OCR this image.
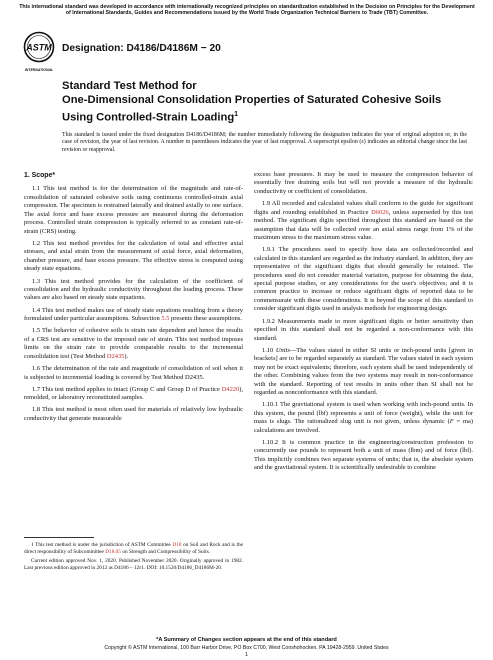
This international standard was developed in accordance with internationally recognized principles on standardization established in the Decision on Principles for the Development of International Standards, Guides and Recommendations issued by the World Trade Organization Technical Barriers to Trade (TBT) Committee.
ASTM
INTERNATIONAL
Designation: D4186/D4186M − 20
Standard Test Method for
One-Dimensional Consolidation Properties of Saturated Cohesive Soils Using Controlled-Strain Loading$^1$
This standard is issued under the fixed designation D4186/D4186M; the number immediately following the designation indicates the year of original adoption or, in the case of revision, the year of last revision. A number in parentheses indicates the year of last reapproval. A superscript epsilon (ε) indicates an editorial change since the last revision or reapproval.
1. Scope*

1.1 This test method is for the determination of the magnitude and rate-of-consolidation of saturated cohesive soils using continuous controlled-strain axial compression. The specimen is restrained laterally and drained axially to one surface. The axial force and base excess pressure are measured during the deformation process. Controlled strain compression is typically referred to as constant rate-of-strain (CRS) testing.

1.2 This test method provides for the calculation of total and effective axial stresses, and axial strain from the measurement of axial force, axial deformation, chamber pressure, and base excess pressure. The effective stress is computed using steady state equations.

1.3 This test method provides for the calculation of the coefficient of consolidation and the hydraulic conductivity throughout the loading process. These values are also based on steady state equations.

1.4 This test method makes use of steady state equations resulting from a theory formulated under particular assumptions. Subsection 5.5 presents these assumptions.

1.5 The behavior of cohesive soils is strain rate dependent and hence the results of a CRS test are sensitive to the imposed rate of strain. This test method imposes limits on the strain rate to provide comparable results to the incremental consolidation test (Test Method D2435).

1.6 The determination of the rate and magnitude of consolidation of soil when it is subjected to incremental loading is covered by Test Method D2435.

1.7 This test method applies to intact (Group C and Group D of Practice D4220), remolded, or laboratory reconstituted samples.

1.8 This test method is most often used for materials of relatively low hydraulic conductivity that generate measurable

1 This test method is under the jurisdiction of ASTM Committee D18 on Soil and Rock and is the direct responsibility of Subcommittee D18.05 on Strength and Compressibility of Soils.

Current edition approved Nov. 1, 2020. Published November 2020. Originally approved in 1982. Last previous edition approved in 2012 as D4186 – 12ε1. DOI: 10.1520/D4186_D4186M-20.

excess base pressures. It may be used to measure the compression behavior of essentially free draining soils but will not provide a measure of the hydraulic conductivity or coefficient of consolidation.

1.9 All recorded and calculated values shall conform to the guide for significant digits and rounding established in Practice D6026, unless superseded by this test method. The significant digits specified throughout this standard are based on the assumption that data will be collected over an axial stress range from 1% of the maximum stress to the maximum stress value.

1.9.1 The procedures used to specify how data are collected/recorded and calculated in this standard are regarded as the industry standard. In addition, they are representative of the significant digits that should generally be retained. The procedures used do not consider material variation, purpose for obtaining the data, special purpose studies, or any considerations for the user's objectives; and it is common practice to increase or reduce significant digits of reported data to be commensurate with these considerations. It is beyond the scope of this standard to consider significant digits used in analysis methods for engineering design.

1.9.2 Measurements made to more significant digits or better sensitivity than specified in this standard shall not be regarded a non-conformance with this standard.

1.10 Units—The values stated in either SI units or inch-pound units [given in brackets] are to be regarded separately as standard. The values stated in each system may not be exact equivalents; therefore, each system shall be used independently of the other. Combining values from the two systems may result in non-conformance with the standard. Reporting of test results in units other than SI shall not be regarded as nonconformance with this standard.

1.10.1 The gravitational system is used when working with inch-pound units. In this system, the pound (lbf) represents a unit of force (weight), while the unit for mass is slugs. The rationalized slug unit is not given, unless dynamic (F = ma) calculations are involved.

1.10.2 It is common practice in the engineering/construction profession to concurrently use pounds to represent both a unit of mass (lbm) and of force (lbf). This implicitly combines two separate systems of units; that is, the absolute system and the gravitational system. It is scientifically undesirable to combine

*A Summary of Changes section appears at the end of this standard
Copyright © ASTM International, 100 Barr Harbor Drive, PO Box C700, West Conshohocken, PA 19428-2959. United States
1
